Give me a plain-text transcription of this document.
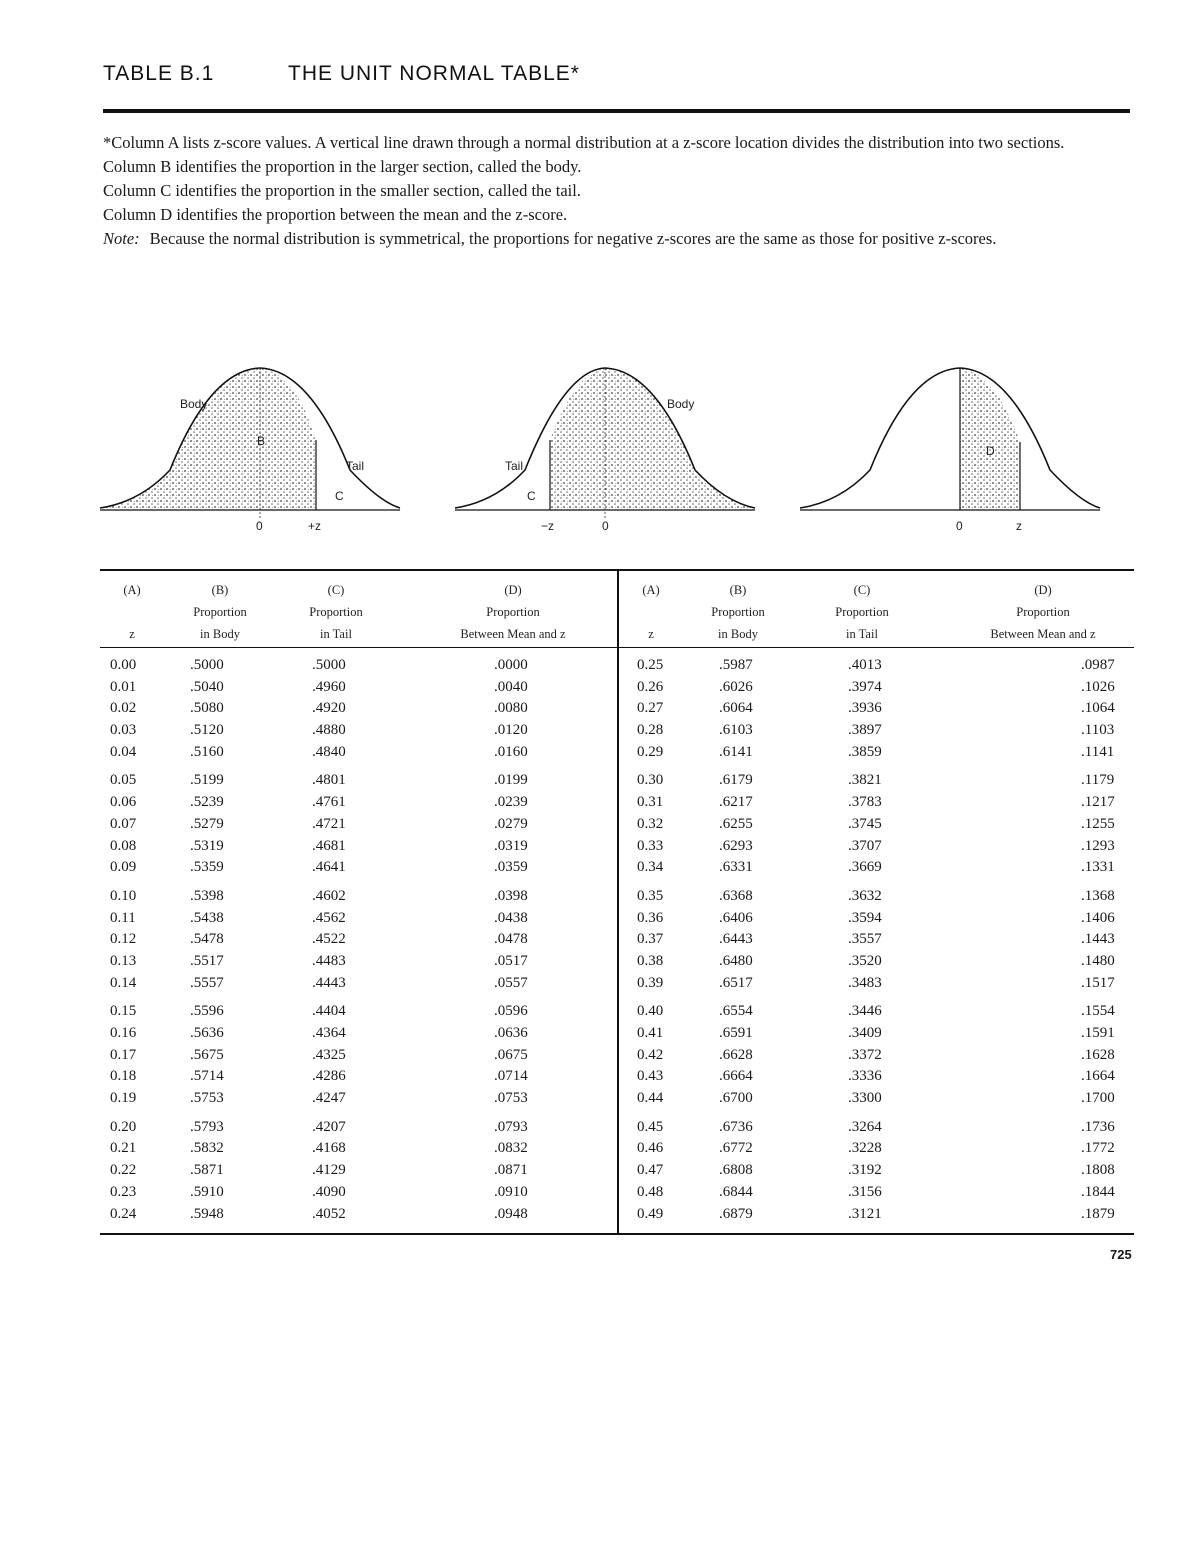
TABLE B.1	THE UNIT NORMAL TABLE*

*Column A lists z-score values. A vertical line drawn through a normal distribution at a z-score location divides the distribution into two sections.

Column B identifies the proportion in the larger section, called the body.

Column C identifies the proportion in the smaller section, called the tail.

Column D identifies the proportion between the mean and the z-score.

Note: Because the normal distribution is symmetrical, the proportions for negative z-scores are the same as those for positive z-scores.

Body
B
Tail
C
0	+z
Tail
C
Body
−z	0
D
0	z
(A)

z
(B)
Proportion
in Body
(C)
Proportion
in Tail
(D)
Proportion
Between Mean and z
0.00	.5000	.5000	.0000
0.01	.5040	.4960	.0040
0.02	.5080	.4920	.0080
0.03	.5120	.4880	.0120
0.04	.5160	.4840	.0160
0.05	.5199	.4801	.0199
0.06	.5239	.4761	.0239
0.07	.5279	.4721	.0279
0.08	.5319	.4681	.0319
0.09	.5359	.4641	.0359
0.10	.5398	.4602	.0398
0.11	.5438	.4562	.0438
0.12	.5478	.4522	.0478
0.13	.5517	.4483	.0517
0.14	.5557	.4443	.0557
0.15	.5596	.4404	.0596
0.16	.5636	.4364	.0636
0.17	.5675	.4325	.0675
0.18	.5714	.4286	.0714
0.19	.5753	.4247	.0753
0.20	.5793	.4207	.0793
0.21	.5832	.4168	.0832
0.22	.5871	.4129	.0871
0.23	.5910	.4090	.0910
0.24	.5948	.4052	.0948
(A)

z
(B)
Proportion
in Body
(C)
Proportion
in Tail
(D)
Proportion
Between Mean and z
0.25	.5987	.4013	.0987
0.26	.6026	.3974	.1026
0.27	.6064	.3936	.1064
0.28	.6103	.3897	.1103
0.29	.6141	.3859	.1141
0.30	.6179	.3821	.1179
0.31	.6217	.3783	.1217
0.32	.6255	.3745	.1255
0.33	.6293	.3707	.1293
0.34	.6331	.3669	.1331
0.35	.6368	.3632	.1368
0.36	.6406	.3594	.1406
0.37	.6443	.3557	.1443
0.38	.6480	.3520	.1480
0.39	.6517	.3483	.1517
0.40	.6554	.3446	.1554
0.41	.6591	.3409	.1591
0.42	.6628	.3372	.1628
0.43	.6664	.3336	.1664
0.44	.6700	.3300	.1700
0.45	.6736	.3264	.1736
0.46	.6772	.3228	.1772
0.47	.6808	.3192	.1808
0.48	.6844	.3156	.1844
0.49	.6879	.3121	.1879
725
